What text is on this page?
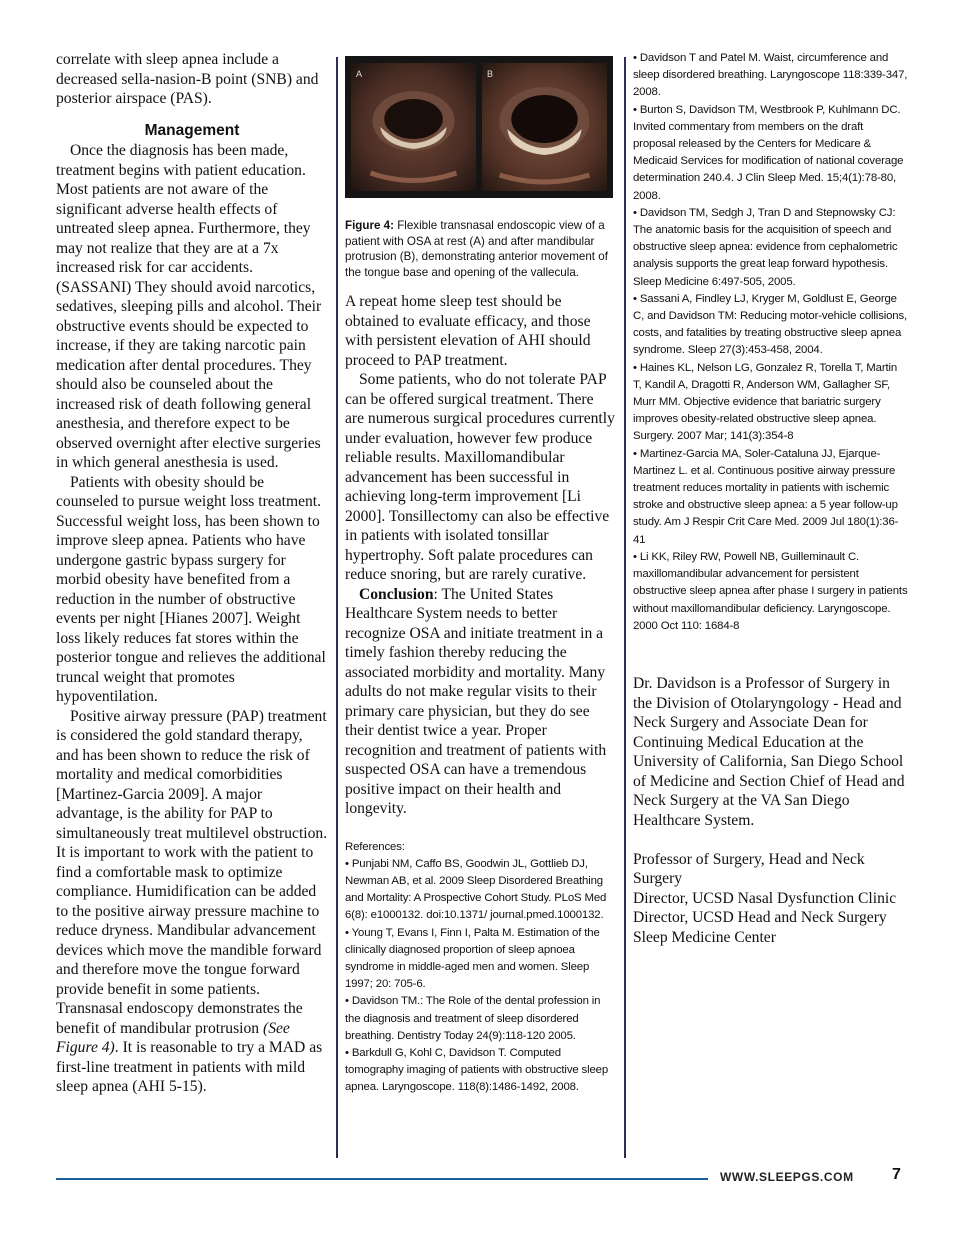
correlate with sleep apnea include a decreased sella-nasion-B point (SNB) and posterior airspace (PAS).

Management

Once the diagnosis has been made, treatment begins with patient education. Most patients are not aware of the significant adverse health effects of untreated sleep apnea. Furthermore, they may not realize that they are at a 7x increased risk for car accidents. (SASSANI) They should avoid narcotics, sedatives, sleeping pills and alcohol. Their obstructive events should be expected to increase, if they are taking narcotic pain medication after dental procedures. They should also be counseled about the increased risk of death following general anesthesia, and therefore expect to be observed overnight after elective surgeries in which general anesthesia is used.

Patients with obesity should be counseled to pursue weight loss treatment. Successful weight loss, has been shown to improve sleep apnea. Patients who have undergone gastric bypass surgery for morbid obesity have benefited from a reduction in the number of obstructive events per night [Hianes 2007]. Weight loss likely reduces fat stores within the posterior tongue and relieves the additional truncal weight that promotes hypoventilation.

Positive airway pressure (PAP) treatment is considered the gold standard therapy, and has been shown to reduce the risk of mortality and medical comorbidities [Martinez-Garcia 2009]. A major advantage, is the ability for PAP to simultaneously treat multilevel obstruction. It is important to work with the patient to find a comfortable mask to optimize compliance. Humidification can be added to the positive airway pressure machine to reduce dryness. Mandibular advancement devices which move the mandible forward and therefore move the tongue forward provide benefit in some patients. Transnasal endoscopy demonstrates the benefit of mandibular protrusion (See Figure 4). It is reasonable to try a MAD as first-line treatment in patients with mild sleep apnea (AHI 5-15).

A	B

Figure 4: Flexible transnasal endoscopic view of a patient with OSA at rest (A) and after mandibular protrusion (B), demonstrating anterior movement of the tongue base and opening of the vallecula.

A repeat home sleep test should be obtained to evaluate efficacy, and those with persistent elevation of AHI should proceed to PAP treatment.

Some patients, who do not tolerate PAP can be offered surgical treatment. There are numerous surgical procedures currently under evaluation, however few produce reliable results. Maxillomandibular advancement has been successful in achieving long-term improvement [Li 2000]. Tonsillectomy can also be effective in patients with isolated tonsillar hypertrophy. Soft palate procedures can reduce snoring, but are rarely curative.

Conclusion: The United States Healthcare System needs to better recognize OSA and initiate treatment in a timely fashion thereby reducing the associated morbidity and mortality. Many adults do not make regular visits to their primary care physician, but they do see their dentist twice a year. Proper recognition and treatment of patients with suspected OSA can have a tremendous positive impact on their health and longevity.

References:

• Punjabi NM, Caffo BS, Goodwin JL, Gottlieb DJ, Newman AB, et al. 2009 Sleep Disordered Breathing and Mortality: A Prospective Cohort Study. PLoS Med 6(8): e1000132. doi:10.1371/ journal.pmed.1000132.

• Young T, Evans I, Finn I, Palta M. Estimation of the clinically diagnosed proportion of sleep apnoea syndrome in middle-aged men and women. Sleep 1997; 20: 705-6.

• Davidson TM.: The Role of the dental profession in the diagnosis and treatment of sleep disordered breathing. Dentistry Today 24(9):118-120 2005.

• Barkdull G, Kohl C, Davidson T. Computed tomography imaging of patients with obstructive sleep apnea. Laryngoscope. 118(8):1486-1492, 2008.

• Davidson T and Patel M. Waist, circumference and sleep disordered breathing. Laryngoscope 118:339-347, 2008.

• Burton S, Davidson TM, Westbrook P, Kuhlmann DC.

Invited commentary from members on the draft proposal released by the Centers for Medicare & Medicaid Services for modification of national coverage determination 240.4. J Clin Sleep Med. 15;4(1):78-80, 2008.

• Davidson TM, Sedgh J, Tran D and Stepnowsky CJ: The anatomic basis for the acquisition of speech and obstructive sleep apnea: evidence from cephalometric analysis supports the great leap forward hypothesis. Sleep Medicine 6:497-505, 2005.

• Sassani A, Findley LJ, Kryger M, Goldlust E, George C, and Davidson TM: Reducing motor-vehicle collisions, costs, and fatalities by treating obstructive sleep apnea syndrome. Sleep 27(3):453-458, 2004.

• Haines KL, Nelson LG, Gonzalez R, Torella T, Martin T, Kandil A, Dragotti R, Anderson WM, Gallagher SF, Murr MM. Objective evidence that bariatric surgery improves obesity-related obstructive sleep apnea. Surgery. 2007 Mar; 141(3):354-8

• Martinez-Garcia MA, Soler-Cataluna JJ, Ejarque-Martinez L. et al. Continuous positive airway pressure treatment reduces mortality in patients with ischemic stroke and obstructive sleep apnea: a 5 year follow-up study. Am J Respir Crit Care Med. 2009 Jul 180(1):36-41

• Li KK, Riley RW, Powell NB, Guilleminault C. maxillomandibular advancement for persistent obstructive sleep apnea after phase I surgery in patients without maxillomandibular deficiency. Laryngoscope. 2000 Oct 110: 1684-8

Dr. Davidson is a Professor of Surgery in the Division of Otolaryngology - Head and Neck Surgery and Associate Dean for Continuing Medical Education at the University of California, San Diego School of Medicine and Section Chief of Head and Neck Surgery at the VA San Diego Healthcare System.

Professor of Surgery, Head and Neck Surgery

Director, UCSD Nasal Dysfunction Clinic

Director, UCSD Head and Neck Surgery Sleep Medicine Center

WWW.SLEEPGS.COM 7
